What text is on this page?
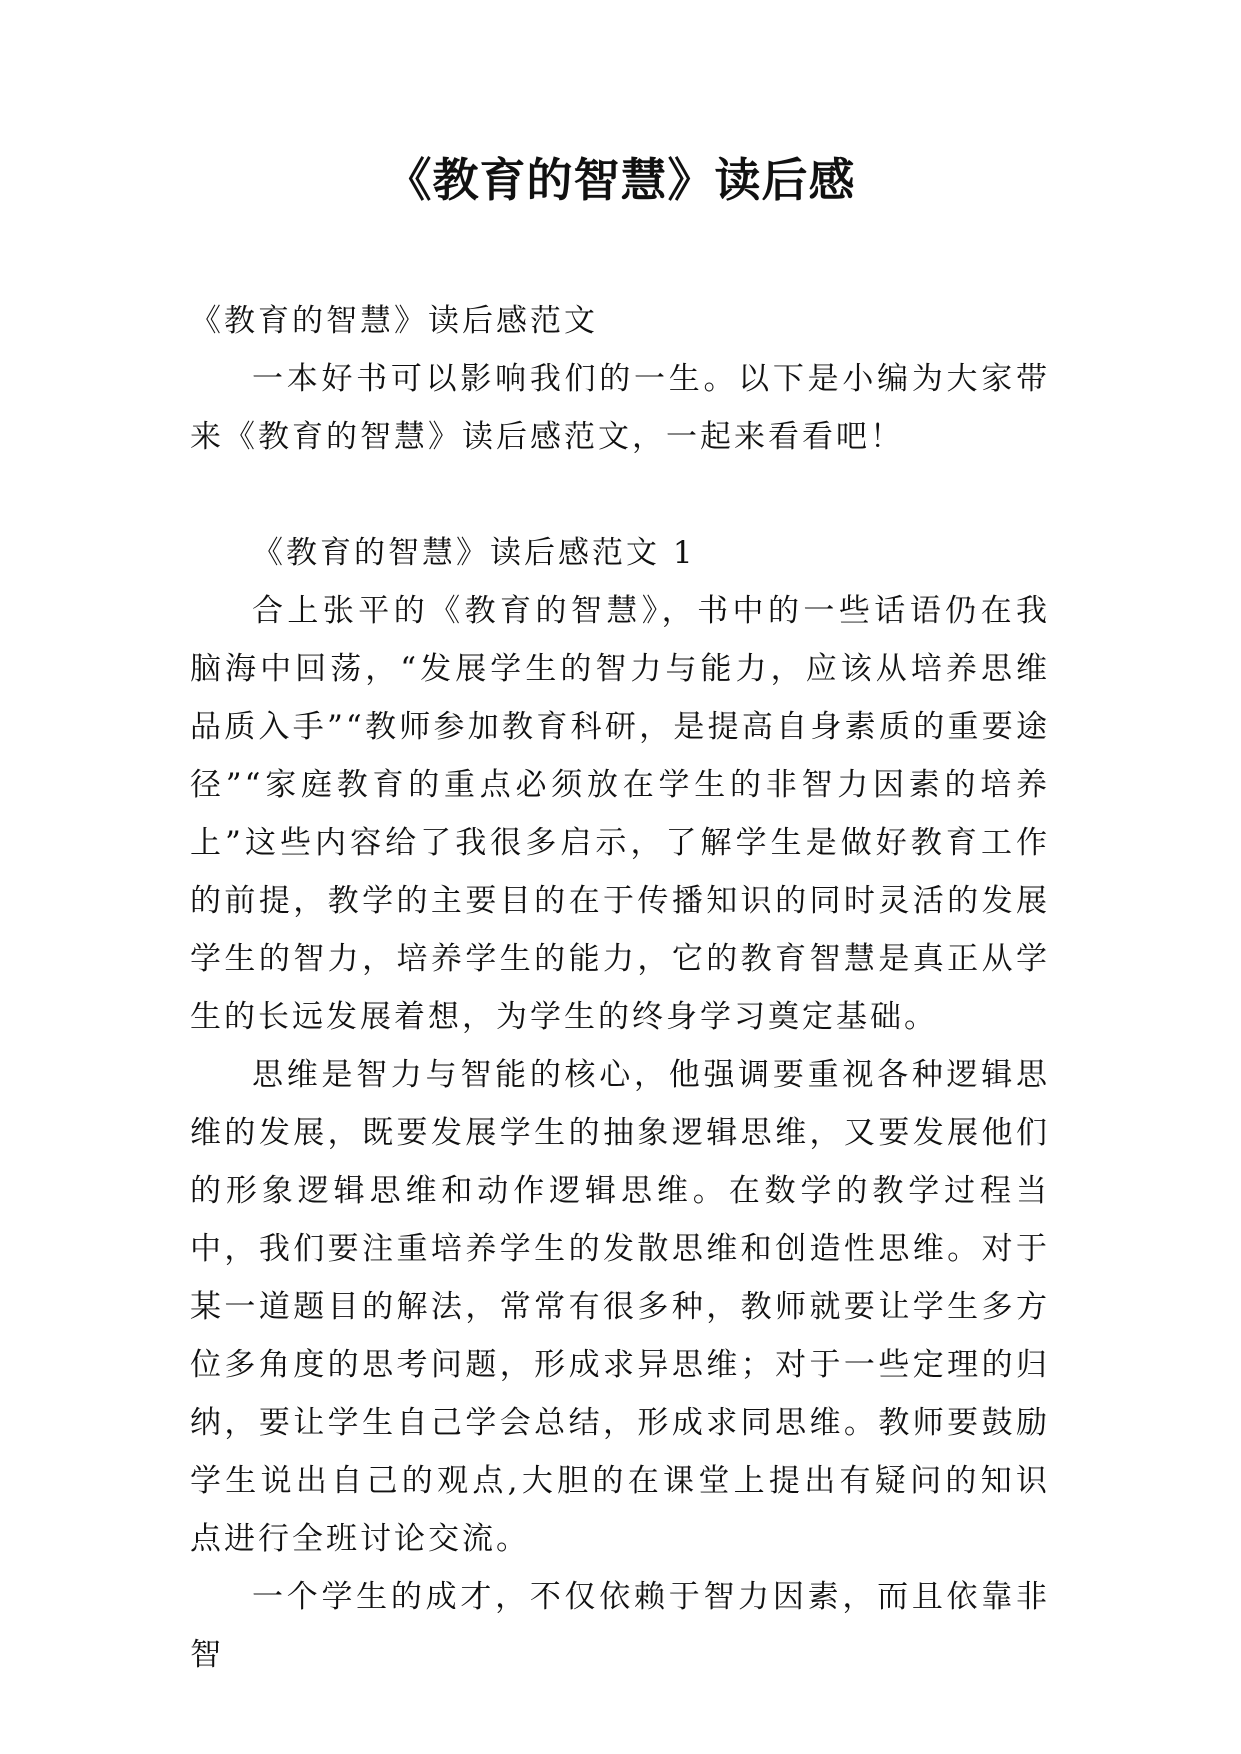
《教育的智慧》读后感

《教育的智慧》读后感范文

一本好书可以影响我们的一生。以下是小编为大家带来《教育的智慧》读后感范文，一起来看看吧！

《教育的智慧》读后感范文 1

合上张平的《教育的智慧》，书中的一些话语仍在我脑海中回荡，“发展学生的智力与能力，应该从培养思维品质入手”“教师参加教育科研，是提高自身素质的重要途径”“家庭教育的重点必须放在学生的非智力因素的培养上”这些内容给了我很多启示，了解学生是做好教育工作的前提，教学的主要目的在于传播知识的同时灵活的发展学生的智力，培养学生的能力，它的教育智慧是真正从学生的长远发展着想，为学生的终身学习奠定基础。

思维是智力与智能的核心，他强调要重视各种逻辑思维的发展，既要发展学生的抽象逻辑思维，又要发展他们的形象逻辑思维和动作逻辑思维。在数学的教学过程当中，我们要注重培养学生的发散思维和创造性思维。对于某一道题目的解法，常常有很多种，教师就要让学生多方位多角度的思考问题，形成求异思维；对于一些定理的归纳，要让学生自己学会总结，形成求同思维。教师要鼓励学生说出自己的观点,大胆的在课堂上提出有疑问的知识点进行全班讨论交流。

一个学生的成才，不仅依赖于智力因素，而且依靠非智
